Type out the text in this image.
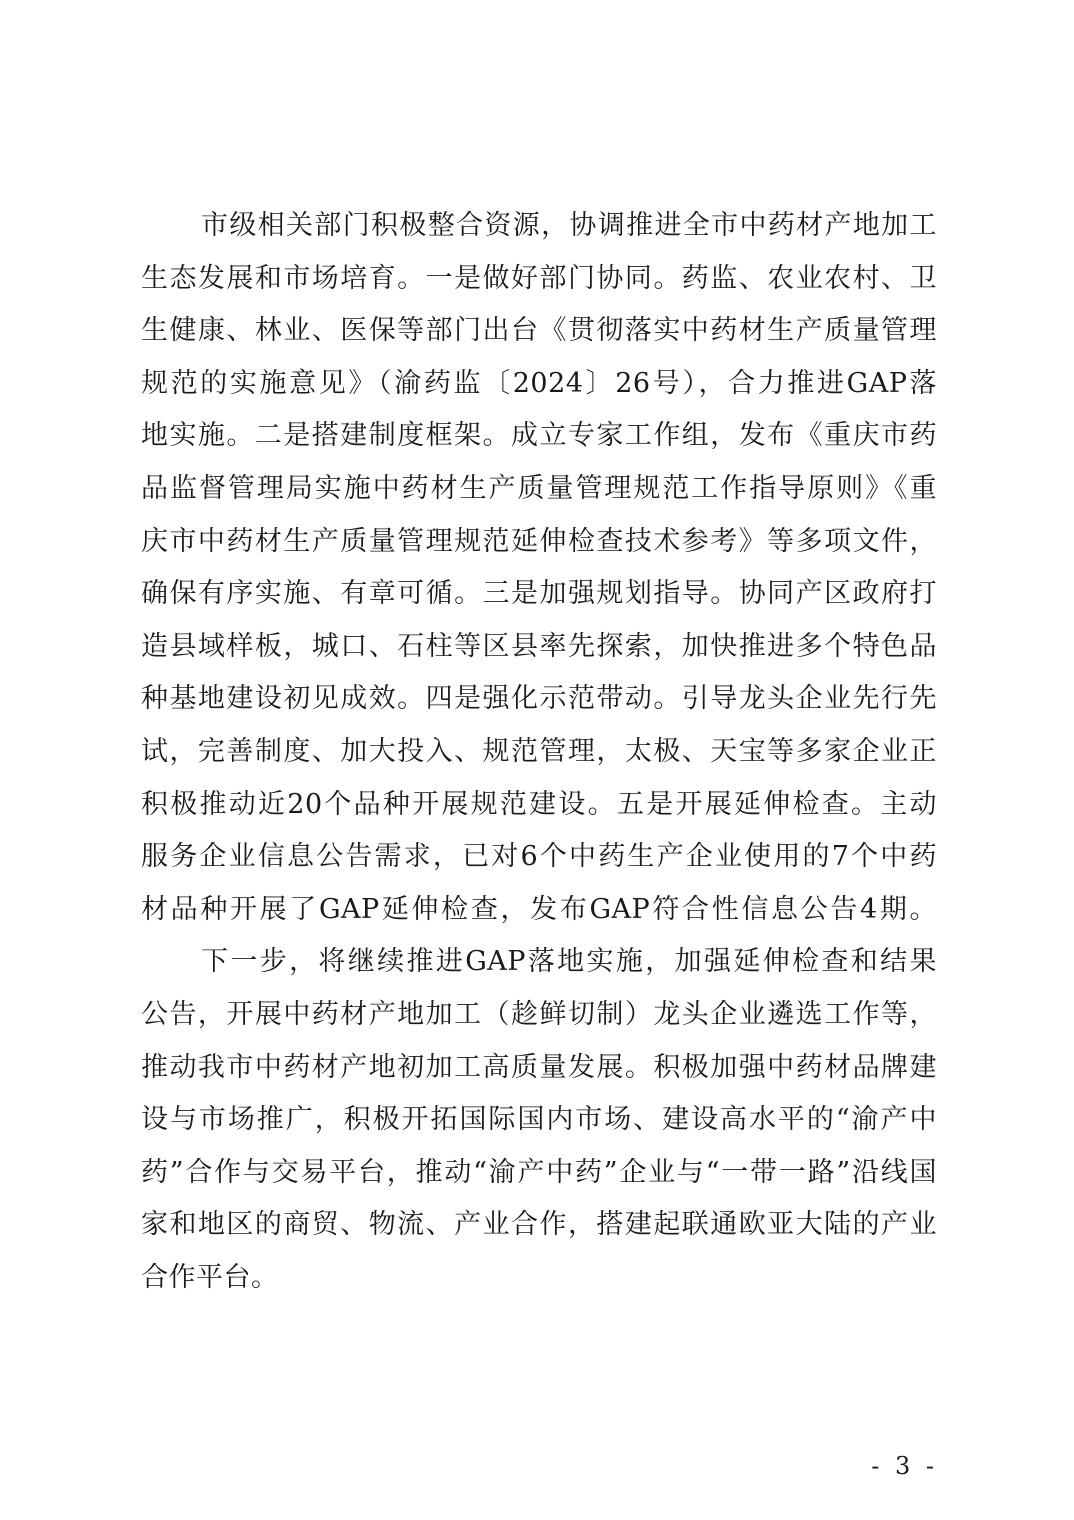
市级相关部门积极整合资源，协调推进全市中药材产地加工
生态发展和市场培育。一是做好部门协同。药监、农业农村、卫
生健康、林业、医保等部门出台《贯彻落实中药材生产质量管理
规范的实施意见》（渝药监〔2024〕26号），合力推进GAP落
地实施。二是搭建制度框架。成立专家工作组，发布《重庆市药
品监督管理局实施中药材生产质量管理规范工作指导原则》《重
庆市中药材生产质量管理规范延伸检查技术参考》等多项文件，
确保有序实施、有章可循。三是加强规划指导。协同产区政府打
造县域样板，城口、石柱等区县率先探索，加快推进多个特色品
种基地建设初见成效。四是强化示范带动。引导龙头企业先行先
试，完善制度、加大投入、规范管理，太极、天宝等多家企业正
积极推动近20个品种开展规范建设。五是开展延伸检查。主动
服务企业信息公告需求，已对6个中药生产企业使用的7个中药
材品种开展了GAP延伸检查，发布GAP符合性信息公告4期。
下一步，将继续推进GAP落地实施，加强延伸检查和结果
公告，开展中药材产地加工（趁鲜切制）龙头企业遴选工作等，
推动我市中药材产地初加工高质量发展。积极加强中药材品牌建
设与市场推广，积极开拓国际国内市场、建设高水平的“渝产中
药”合作与交易平台，推动“渝产中药”企业与“一带一路”沿线国
家和地区的商贸、物流、产业合作，搭建起联通欧亚大陆的产业
合作平台。
- 3 -
